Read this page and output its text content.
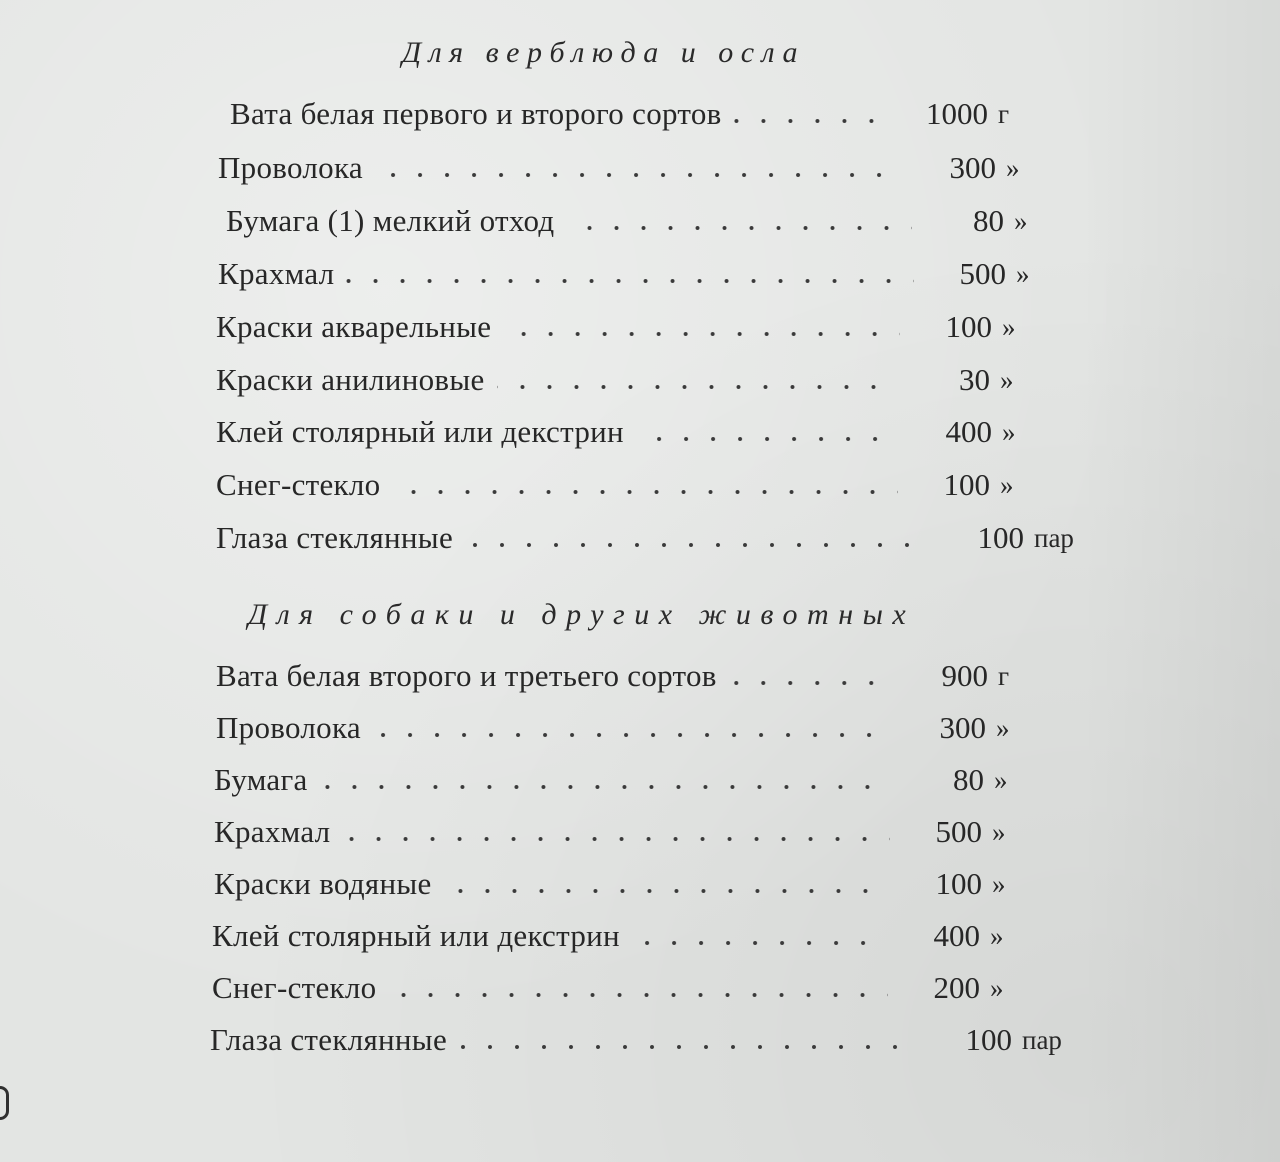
Для верблюда и осла
Вата белая первого и второго сортов	1000 г
Проволока	300 »
Бумага (1) мелкий отход	80 »
Крахмал	500 »
Краски акварельные	100 »
Краски анилиновые	30 »
Клей столярный или декстрин	400 »
Снег-стекло	100 »
Глаза стеклянные	100 пар
Для собаки и других животных
Вата белая второго и третьего сортов	900 г
Проволока	300 »
Бумага	80 »
Крахмал	500 »
Краски водяные	100 »
Клей столярный или декстрин	400 »
Снег-стекло	200 »
Глаза стеклянные	100 пар
